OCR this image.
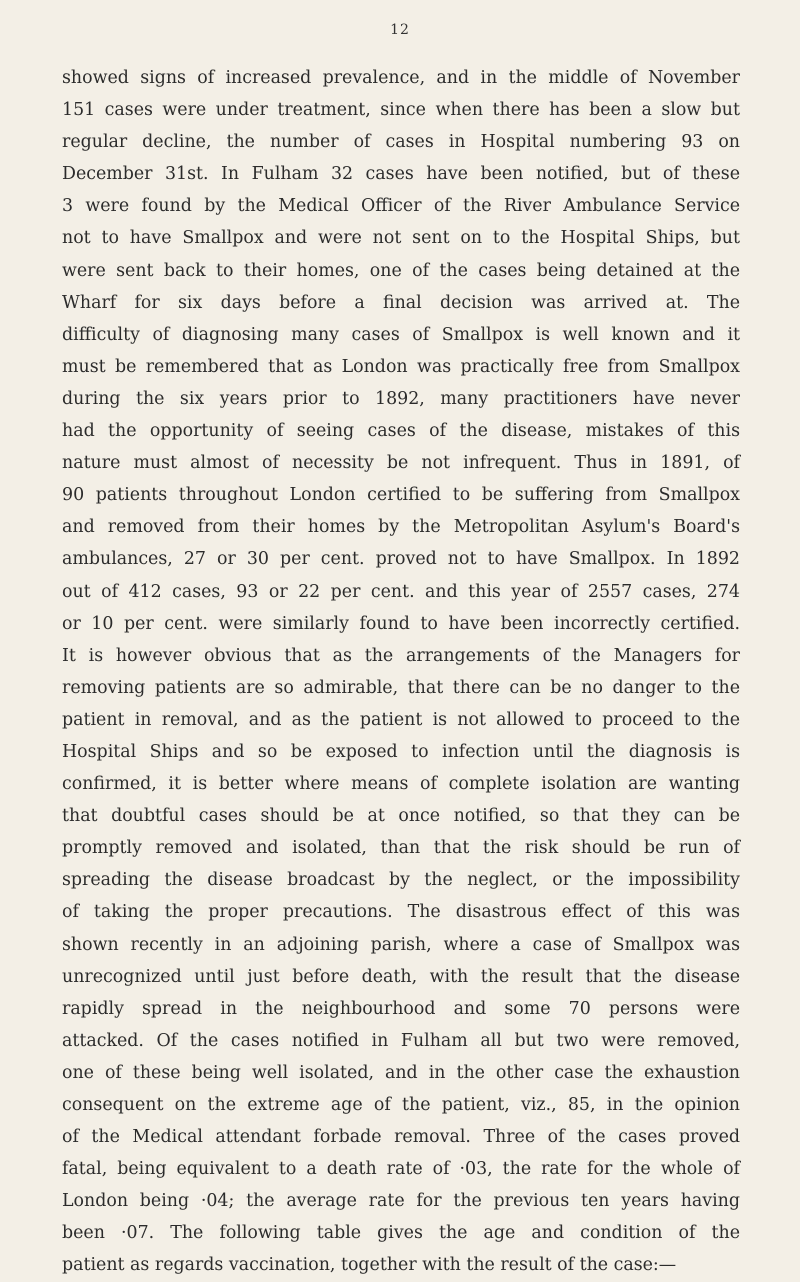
12
showed signs of increased prevalence, and in the middle of November
151 cases were under treatment, since when there has been a slow but
regular decline, the number of cases in Hospital numbering 93 on
December 31st. In Fulham 32 cases have been notified, but of these
3 were found by the Medical Officer of the River Ambulance Service
not to have Smallpox and were not sent on to the Hospital Ships, but
were sent back to their homes, one of the cases being detained at the
Wharf for six days before a final decision was arrived at. The
difficulty of diagnosing many cases of Smallpox is well known and it
must be remembered that as London was practically free from Smallpox
during the six years prior to 1892, many practitioners have never
had the opportunity of seeing cases of the disease, mistakes of this
nature must almost of necessity be not infrequent. Thus in 1891, of
90 patients throughout London certified to be suffering from Smallpox
and removed from their homes by the Metropolitan Asylum's Board's
ambulances, 27 or 30 per cent. proved not to have Smallpox. In 1892
out of 412 cases, 93 or 22 per cent. and this year of 2557 cases, 274
or 10 per cent. were similarly found to have been incorrectly certified.
It is however obvious that as the arrangements of the Managers for
removing patients are so admirable, that there can be no danger to the
patient in removal, and as the patient is not allowed to proceed to the
Hospital Ships and so be exposed to infection until the diagnosis is
confirmed, it is better where means of complete isolation are wanting
that doubtful cases should be at once notified, so that they can be
promptly removed and isolated, than that the risk should be run of
spreading the disease broadcast by the neglect, or the impossibility
of taking the proper precautions. The disastrous effect of this was
shown recently in an adjoining parish, where a case of Smallpox was
unrecognized until just before death, with the result that the disease
rapidly spread in the neighbourhood and some 70 persons were
attacked. Of the cases notified in Fulham all but two were removed,
one of these being well isolated, and in the other case the exhaustion
consequent on the extreme age of the patient, viz., 85, in the opinion
of the Medical attendant forbade removal. Three of the cases proved
fatal, being equivalent to a death rate of ·03, the rate for the whole of
London being ·04; the average rate for the previous ten years having
been ·07. The following table gives the age and condition of the
patient as regards vaccination, together with the result of the case:—
